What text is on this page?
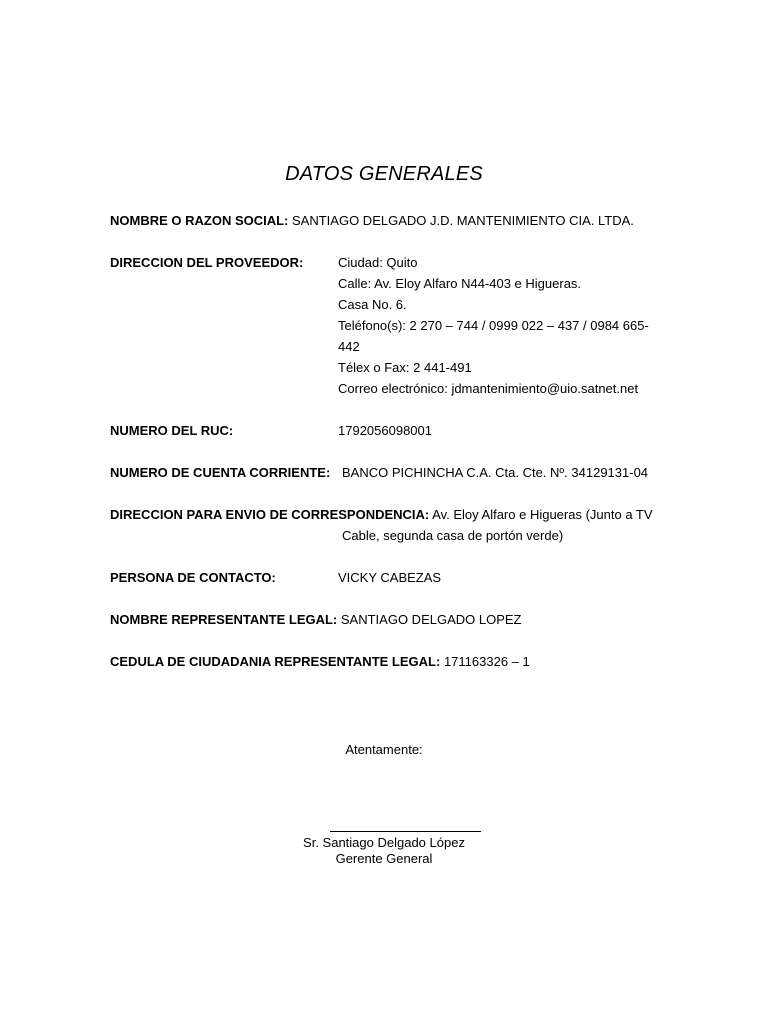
DATOS GENERALES
NOMBRE O RAZON SOCIAL: SANTIAGO DELGADO J.D. MANTENIMIENTO CIA. LTDA.
DIRECCION DEL PROVEEDOR:	Ciudad: Quito
Calle: Av. Eloy Alfaro N44-403 e Higueras.
Casa No. 6.
Teléfono(s): 2 270 – 744 / 0999 022 – 437 / 0984 665-
442
Télex o Fax: 2 441-491
Correo electrónico: jdmantenimiento@uio.satnet.net
NUMERO DEL RUC:	1792056098001
NUMERO DE CUENTA CORRIENTE: BANCO PICHINCHA C.A. Cta. Cte. Nº. 34129131-04
DIRECCION PARA ENVIO DE CORRESPONDENCIA: Av. Eloy Alfaro e Higueras (Junto a TV
Cable, segunda casa de portón verde)
PERSONA DE CONTACTO:	VICKY CABEZAS
NOMBRE REPRESENTANTE LEGAL: SANTIAGO DELGADO LOPEZ
CEDULA DE CIUDADANIA REPRESENTANTE LEGAL: 171163326 – 1
Atentamente:
Sr. Santiago Delgado López
Gerente General
